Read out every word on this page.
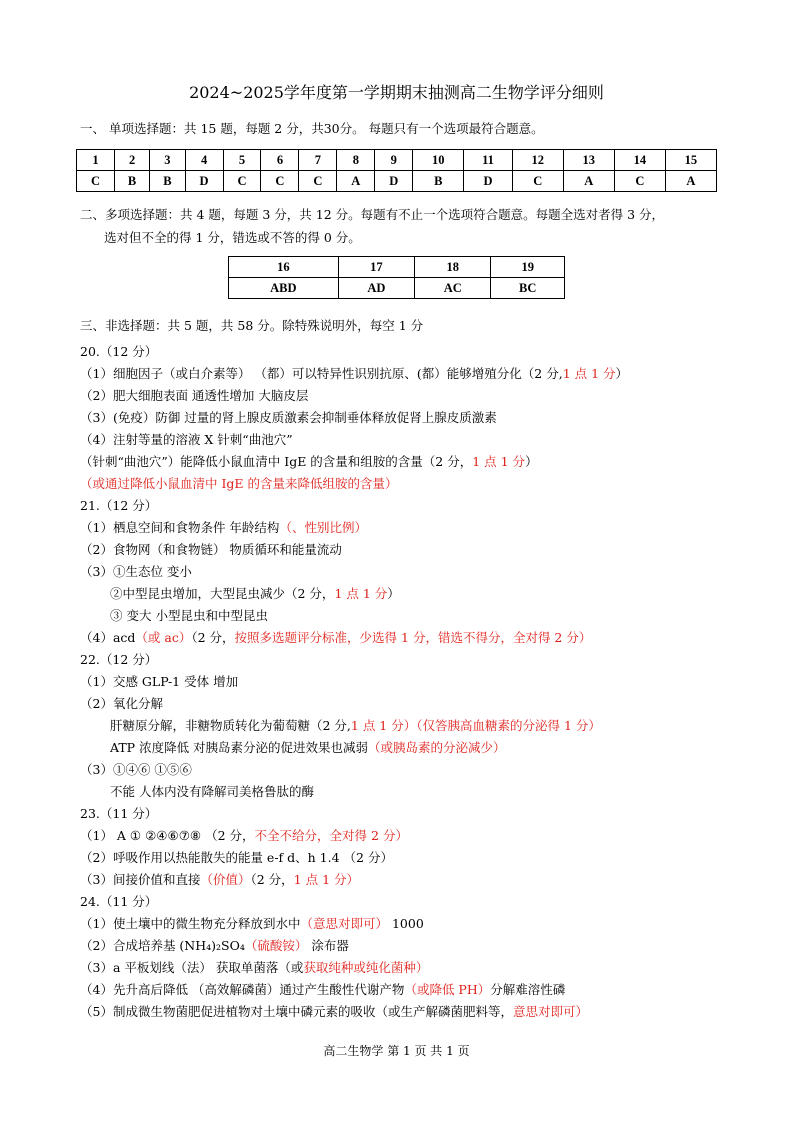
2024~2025学年度第一学期期末抽测高二生物学评分细则
一、 单项选择题：共 15 题，每题 2 分，共30分。 每题只有一个选项最符合题意。
1	2	3	4	5	6	7	8	9	10	11	12	13	14	15
C	B	B	D	C	C	C	A	D	B	D	C	A	C	A
二、多项选择题：共 4 题，每题 3 分，共 12 分。每题有不止一个选项符合题意。每题全选对者得 3 分，
选对但不全的得 1 分，错选或不答的得 0 分。
16	17	18	19
ABD	AD	AC	BC
三、非选择题：共 5 题，共 58 分。除特殊说明外，每空 1 分
20.（12 分）
（1）细胞因子（或白介素等） （都）可以特异性识别抗原、(都）能够增殖分化（2 分,1 点 1 分）
（2）肥大细胞表面 通透性增加 大脑皮层
（3）(免疫）防御 过量的肾上腺皮质激素会抑制垂体释放促肾上腺皮质激素
（4）注射等量的溶液 X 针刺“曲池穴”
（针刺“曲池穴”）能降低小鼠血清中 IgE 的含量和组胺的含量（2 分，1 点 1 分）
（或通过降低小鼠血清中 IgE 的含量来降低组胺的含量）
21.（12 分）
（1）栖息空间和食物条件 年龄结构（、性别比例）
（2）食物网（和食物链） 物质循环和能量流动
（3）①生态位 变小
②中型昆虫增加，大型昆虫减少（2 分，1 点 1 分）
③ 变大 小型昆虫和中型昆虫
（4）acd（或 ac）（2 分，按照多选题评分标准，少选得 1 分，错选不得分，全对得 2 分）
22.（12 分）
（1）交感 GLP-1 受体 增加
（2）氧化分解
肝糖原分解，非糖物质转化为葡萄糖（2 分,1 点 1 分）（仅答胰高血糖素的分泌得 1 分）
ATP 浓度降低 对胰岛素分泌的促进效果也减弱（或胰岛素的分泌减少）
（3）①④⑥ ①⑤⑥
不能 人体内没有降解司美格鲁肽的酶
23.（11 分）
（1） A ① ②④⑥⑦⑧ （2 分，不全不给分，全对得 2 分）
（2）呼吸作用以热能散失的能量 e-f d、h 1.4 （2 分）
（3）间接价值和直接（价值）（2 分，1 点 1 分）
24.（11 分）
（1）使土壤中的微生物充分释放到水中（意思对即可） 1000
（2）合成培养基 (NH₄)₂SO₄（硫酸铵） 涂布器
（3）a 平板划线（法） 获取单菌落（或获取纯种或纯化菌种）
（4）先升高后降低 （高效解磷菌）通过产生酸性代谢产物（或降低 PH）分解难溶性磷
（5）制成微生物菌肥促进植物对土壤中磷元素的吸收（或生产解磷菌肥料等，意思对即可）
高二生物学 第 1 页 共 1 页
